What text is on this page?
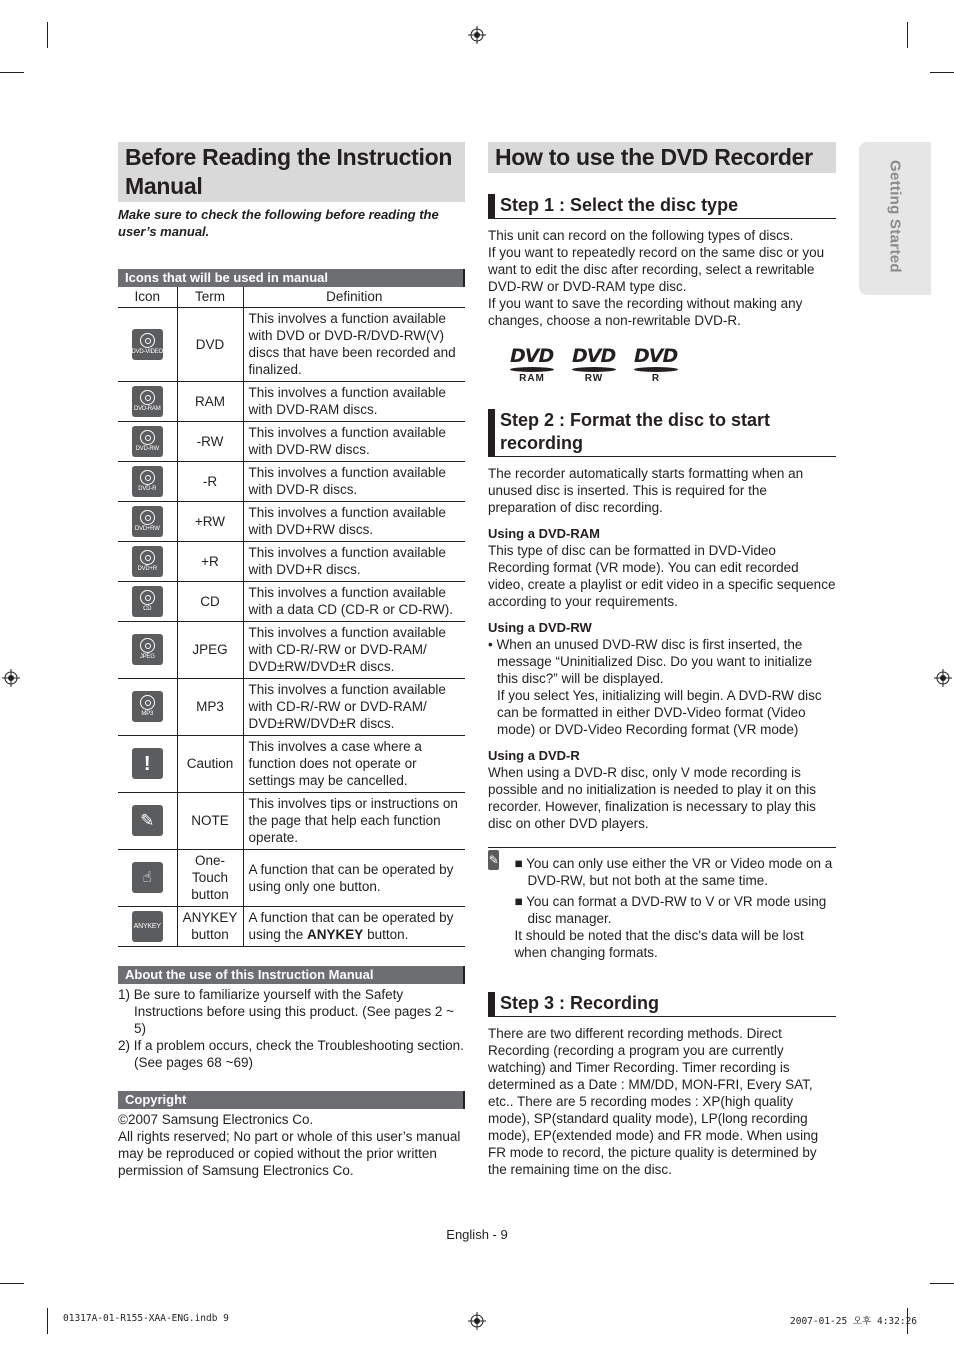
Before Reading the Instruction Manual

Make sure to check the following before reading the user’s manual.

Icons that will be used in manual
Icon	Term	Definition

DVD-VIDEO	DVD	This involves a function available with DVD or DVD-R/DVD-RW(V) discs that have been recorded and finalized.

DVD-RAM	RAM	This involves a function available with DVD-RAM discs.

DVD-RW	-RW	This involves a function available with DVD-RW discs.

DVD-R	-R	This involves a function available with DVD-R discs.

DVD+RW	+RW	This involves a function available with DVD+RW discs.

DVD+R	+R	This involves a function available with DVD+R discs.

CD	CD	This involves a function available with a data CD (CD-R or CD-RW).

JPEG	JPEG	This involves a function available with CD-R/-RW or DVD-RAM/ DVD±RW/DVD±R discs.

MP3	MP3	This involves a function available with CD-R/-RW or DVD-RAM/ DVD±RW/DVD±R discs.

!	Caution	This involves a case where a function does not operate or settings may be cancelled.

✎	NOTE	This involves tips or instructions on the page that help each function operate.

☝	One-Touch button	A function that can be operated by using only one button.

ANYKEY	ANYKEY button	A function that can be operated by using the ANYKEY button.
About the use of this Instruction Manual
1) Be sure to familiarize yourself with the Safety Instructions before using this product. (See pages 2 ~ 5)
2) If a problem occurs, check the Troubleshooting section. (See pages 68 ~69)
Copyright

©2007 Samsung Electronics Co.

All rights reserved; No part or whole of this user’s manual may be reproduced or copied without the prior written permission of Samsung Electronics Co.

How to use the DVD Recorder
Step 1 : Select the disc type

This unit can record on the following types of discs.

If you want to repeatedly record on the same disc or you want to edit the disc after recording, select a rewritable DVD-RW or DVD-RAM type disc.

If you want to save the recording without making any changes, choose a non-rewritable DVD-R.

DVD
RAM
DVD
RW
DVD
R
Step 2 : Format the disc to start recording

The recorder automatically starts formatting when an unused disc is inserted. This is required for the preparation of disc recording.

Using a DVD-RAM

This type of disc can be formatted in DVD-Video Recording format (VR mode). You can edit recorded video, create a playlist or edit video in a specific sequence according to your requirements.

Using a DVD-RW

• When an unused DVD-RW disc is first inserted, the message “Uninitialized Disc. Do you want to initialize this disc?” will be displayed.

If you select Yes, initializing will begin. A DVD-RW disc can be formatted in either DVD-Video format (Video mode) or DVD-Video Recording format (VR mode)

Using a DVD-R

When using a DVD-R disc, only V mode recording is possible and no initialization is needed to play it on this recorder. However, finalization is necessary to play this disc on other DVD players.

✎ ■ You can only use either the VR or Video mode on a DVD-RW, but not both at the same time.
■ You can format a DVD-RW to V or VR mode using disc manager.
It should be noted that the disc's data will be lost when changing formats.
Step 3 : Recording

There are two different recording methods. Direct Recording (recording a program you are currently watching) and Timer Recording. Timer recording is determined as a Date : MM/DD, MON-FRI, Every SAT, etc.. There are 5 recording modes : XP(high quality mode), SP(standard quality mode), LP(long recording mode), EP(extended mode) and FR mode. When using FR mode to record, the picture quality is determined by the remaining time on the disc.

Getting Started
English - 9
01317A-01-R155-XAA-ENG.indb 9	2007-01-25 오후 4:32:26
